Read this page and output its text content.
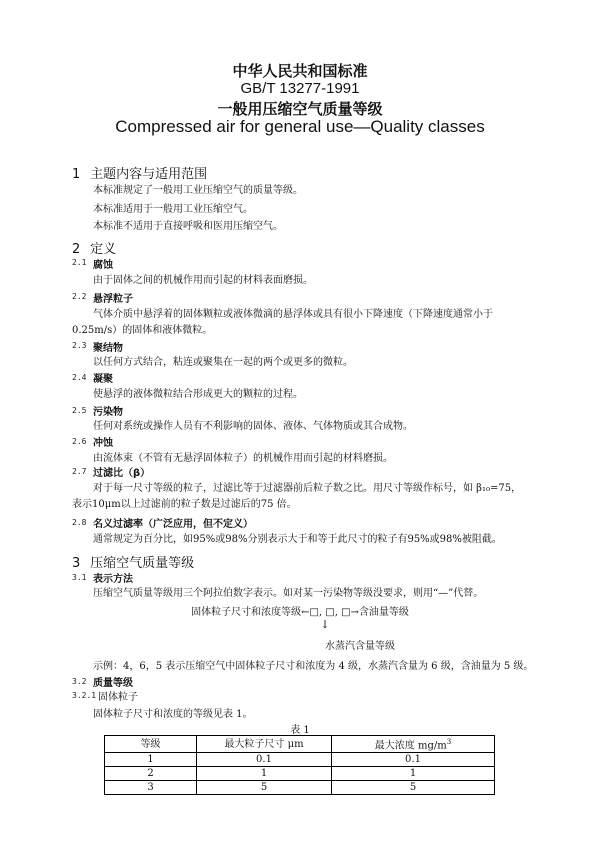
中华人民共和国标准
GB/T 13277-1991
一般用压缩空气质量等级
Compressed air for general use—Quality classes
1 主题内容与适用范围
本标准规定了一般用工业压缩空气的质量等级。
本标准适用于一般用工业压缩空气。
本标准不适用于直接呼吸和医用压缩空气。
2 定义
2.1 腐蚀
由于固体之间的机械作用而引起的材料表面磨损。
2.2 悬浮粒子
气体介质中悬浮着的固体颗粒或液体微滴的悬浮体或具有很小下降速度（下降速度通常小于
0.25m/s）的固体和液体微粒。
2.3 聚结物
以任何方式结合，粘连或聚集在一起的两个或更多的微粒。
2.4 凝聚
使悬浮的液体微粒结合形成更大的颗粒的过程。
2.5 污染物
任何对系统或操作人员有不利影响的固体、液体、气体物质或其合成物。
2.6 冲蚀
由流体束（不管有无悬浮固体粒子）的机械作用而引起的材料磨损。
2.7 过滤比（β）
对于每一尺寸等级的粒子，过滤比等于过滤器前后粒子数之比。用尺寸等级作标号，如 β₁₀=75，
表示10μm以上过滤前的粒子数是过滤后的75 倍。
2.8 名义过滤率（广泛应用，但不定义）
通常规定为百分比，如95%或98%分别表示大于和等于此尺寸的粒子有95%或98%被阻截。
3 压缩空气质量等级
3.1 表示方法
压缩空气质量等级用三个阿拉伯数字表示。如对某一污染物等级没要求，则用“—”代替。
固体粒子尺寸和浓度等级←□, □, □→含油量等级
↓
水蒸汽含量等级
示例：4，6，5 表示压缩空气中固体粒子尺寸和浓度为 4 级，水蒸汽含量为 6 级，含油量为 5 级。
3.2 质量等级
3.2.1 固体粒子
固体粒子尺寸和浓度的等级见表 1。
表 1
等级	最大粒子尺寸 μm	最大浓度 $mg/m^3$
1	0.1	0.1
2	1	1
3	5	5
